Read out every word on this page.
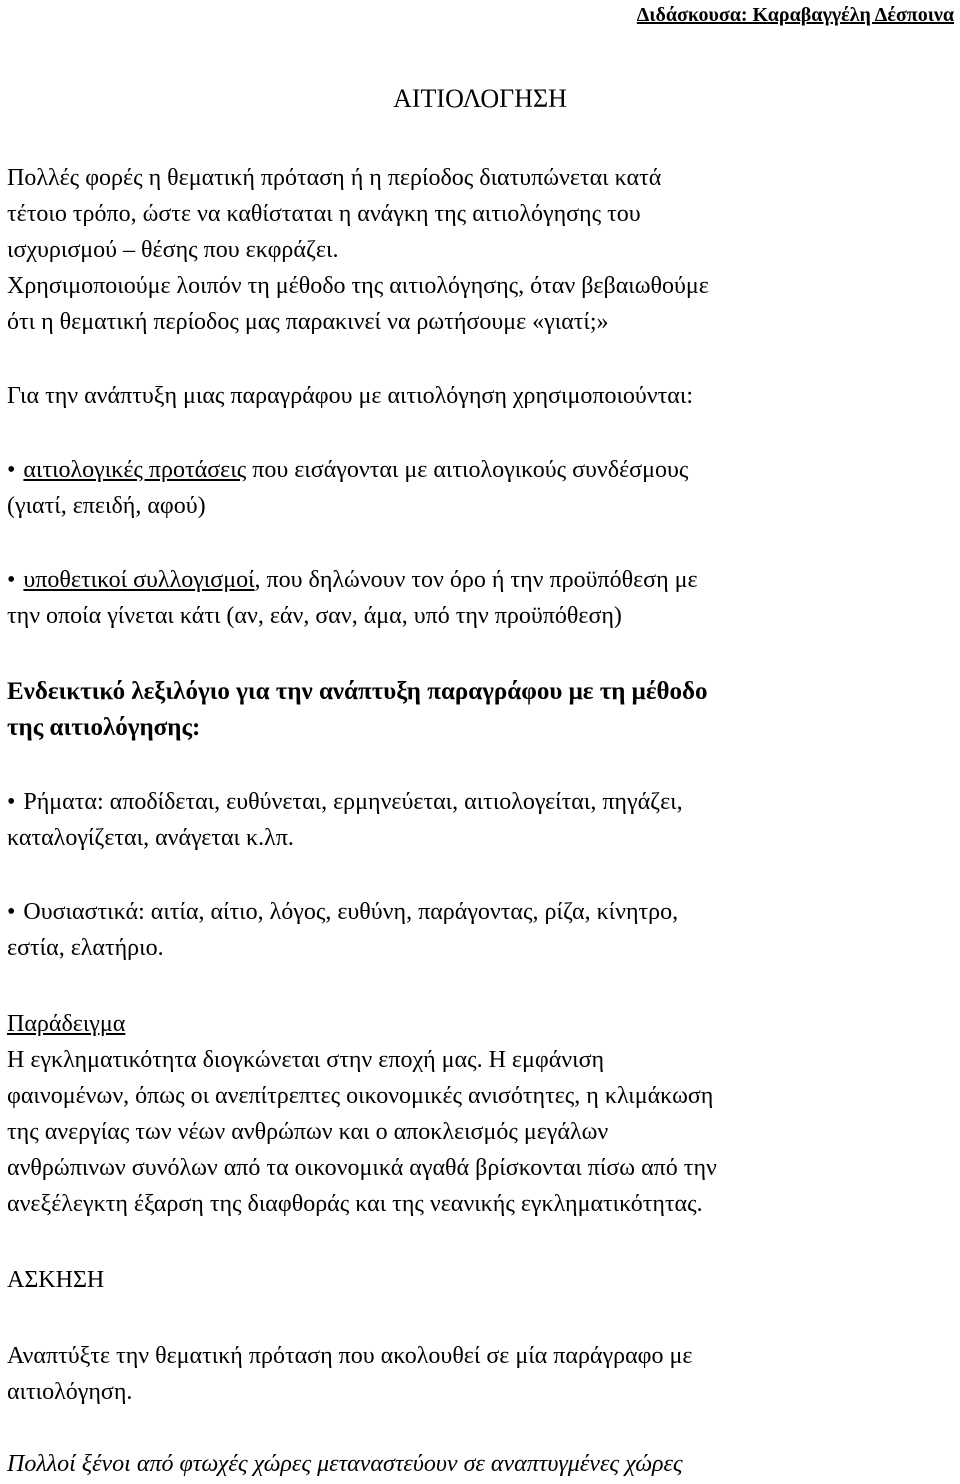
Διδάσκουσα: Καραβαγγέλη Δέσποινα
ΑΙΤΙΟΛΟΓΗΣΗ
Πολλές φορές η θεματική πρόταση ή η περίοδος διατυπώνεται κατά
τέτοιο τρόπο, ώστε να καθίσταται η ανάγκη της αιτιολόγησης του
ισχυρισμού – θέσης που εκφράζει.
Χρησιμοποιούμε λοιπόν τη μέθοδο της αιτιολόγησης, όταν βεβαιωθούμε
ότι η θεματική περίοδος μας παρακινεί να ρωτήσουμε «γιατί;»
Για την ανάπτυξη μιας παραγράφου με αιτιολόγηση χρησιμοποιούνται:
• αιτιολογικές προτάσεις που εισάγονται με αιτιολογικούς συνδέσμους
(γιατί, επειδή, αφού)
• υποθετικοί συλλογισμοί, που δηλώνουν τον όρο ή την προϋπόθεση με
την οποία γίνεται κάτι (αν, εάν, σαν, άμα, υπό την προϋπόθεση)
Ενδεικτικό λεξιλόγιο για την ανάπτυξη παραγράφου με τη μέθοδο
της αιτιολόγησης:
• Ρήματα: αποδίδεται, ευθύνεται, ερμηνεύεται, αιτιολογείται, πηγάζει,
καταλογίζεται, ανάγεται κ.λπ.
• Ουσιαστικά: αιτία, αίτιο, λόγος, ευθύνη, παράγοντας, ρίζα, κίνητρο,
εστία, ελατήριο.
Παράδειγμα
Η εγκληματικότητα διογκώνεται στην εποχή μας. Η εμφάνιση
φαινομένων, όπως οι ανεπίτρεπτες οικονομικές ανισότητες, η κλιμάκωση
της ανεργίας των νέων ανθρώπων και ο αποκλεισμός μεγάλων
ανθρώπινων συνόλων από τα οικονομικά αγαθά βρίσκονται πίσω από την
ανεξέλεγκτη έξαρση της διαφθοράς και της νεανικής εγκληματικότητας.
ΑΣΚΗΣΗ
Αναπτύξτε την θεματική πρόταση που ακολουθεί σε μία παράγραφο με
αιτιολόγηση.
Πολλοί ξένοι από φτωχές χώρες μεταναστεύουν σε αναπτυγμένες χώρες
